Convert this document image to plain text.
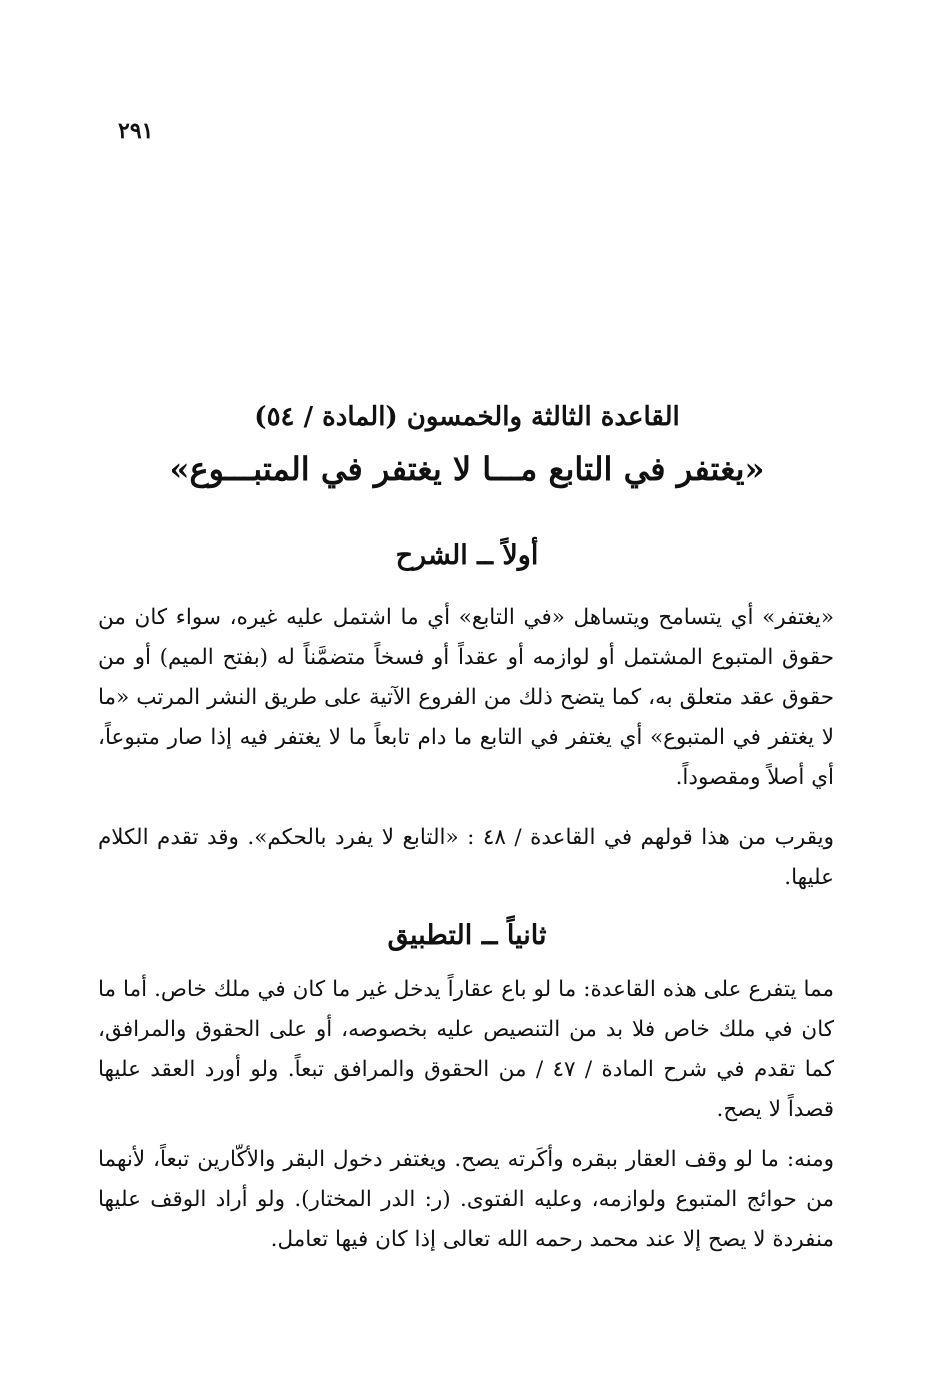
٢٩١
القاعدة الثالثة والخمسون (المادة / ٥٤)
«يغتفر في التابع مـــا لا يغتفر في المتبـــوع»
أولاً ــ الشرح
«يغتفر» أي يتسامح ويتساهل «في التابع» أي ما اشتمل عليه غيره، سواء كان من حقوق المتبوع المشتمل أو لوازمه أو عقداً أو فسخاً متضمَّناً له (بفتح الميم) أو من حقوق عقد متعلق به، كما يتضح ذلك من الفروع الآتية على طريق النشر المرتب «ما لا يغتفر في المتبوع» أي يغتفر في التابع ما دام تابعاً ما لا يغتفر فيه إذا صار متبوعاً، أي أصلاً ومقصوداً.
ويقرب من هذا قولهم في القاعدة / ٤٨ : «التابع لا يفرد بالحكم». وقد تقدم الكلام عليها.
ثانياً ــ التطبيق
مما يتفرع على هذه القاعدة: ما لو باع عقاراً يدخل غير ما كان في ملك خاص. أما ما كان في ملك خاص فلا بد من التنصيص عليه بخصوصه، أو على الحقوق والمرافق، كما تقدم في شرح المادة / ٤٧ / من الحقوق والمرافق تبعاً. ولو أورد العقد عليها قصداً لا يصح.
ومنه: ما لو وقف العقار ببقره وأكَرته يصح. ويغتفر دخول البقر والأكّارين تبعاً، لأنهما من حوائج المتبوع ولوازمه، وعليه الفتوى. (ر: الدر المختار). ولو أراد الوقف عليها منفردة لا يصح إلا عند محمد رحمه الله تعالى إذا كان فيها تعامل.
